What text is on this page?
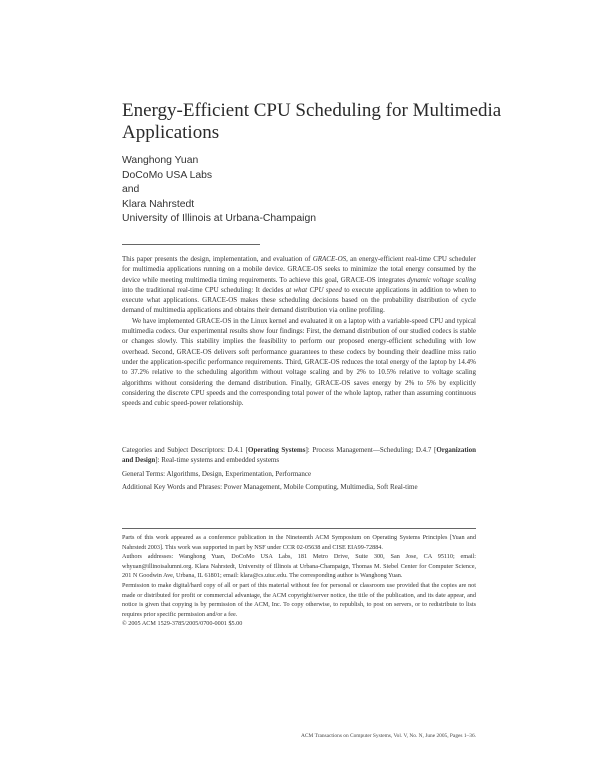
Energy-Efficient CPU Scheduling for Multimedia Applications
Wanghong Yuan
DoCoMo USA Labs
and
Klara Nahrstedt
University of Illinois at Urbana-Champaign

This paper presents the design, implementation, and evaluation of GRACE-OS, an energy-efficient real-time CPU scheduler for multimedia applications running on a mobile device. GRACE-OS seeks to minimize the total energy consumed by the device while meeting multimedia timing requirements. To achieve this goal, GRACE-OS integrates dynamic voltage scaling into the traditional real-time CPU scheduling: It decides at what CPU speed to execute applications in addition to when to execute what applications. GRACE-OS makes these scheduling decisions based on the probability distribution of cycle demand of multimedia applications and obtains their demand distribution via online profiling.

We have implemented GRACE-OS in the Linux kernel and evaluated it on a laptop with a variable-speed CPU and typical multimedia codecs. Our experimental results show four findings: First, the demand distribution of our studied codecs is stable or changes slowly. This stability implies the feasibility to perform our proposed energy-efficient scheduling with low overhead. Second, GRACE-OS delivers soft performance guarantees to these codecs by bounding their deadline miss ratio under the application-specific performance requirements. Third, GRACE-OS reduces the total energy of the laptop by 14.4% to 37.2% relative to the scheduling algorithm without voltage scaling and by 2% to 10.5% relative to voltage scaling algorithms without considering the demand distribution. Finally, GRACE-OS saves energy by 2% to 5% by explicitly considering the discrete CPU speeds and the corresponding total power of the whole laptop, rather than assuming continuous speeds and cubic speed-power relationship.

Categories and Subject Descriptors: D.4.1 [Operating Systems]: Process Management—Scheduling; D.4.7 [Organization and Design]: Real-time systems and embedded systems
General Terms: Algorithms, Design, Experimentation, Performance
Additional Key Words and Phrases: Power Management, Mobile Computing, Multimedia, Soft Real-time

Parts of this work appeared as a conference publication in the Nineteenth ACM Symposium on Operating Systems Principles [Yuan and Nahrstedt 2003]. This work was supported in part by NSF under CCR 02-05638 and CISE EIA99-72884.

Authors addresses: Wanghong Yuan, DoCoMo USA Labs, 181 Metro Drive, Suite 300, San Jose, CA 95110; email: whyuan@illinoisalumni.org. Klara Nahrstedt, University of Illinois at Urbana-Champaign, Thomas M. Siebel Center for Computer Science, 201 N Goodwin Ave, Urbana, IL 61801; email: klara@cs.uiuc.edu. The corresponding author is Wanghong Yuan.

Permission to make digital/hard copy of all or part of this material without fee for personal or classroom use provided that the copies are not made or distributed for profit or commercial advantage, the ACM copyright/server notice, the title of the publication, and its date appear, and notice is given that copying is by permission of the ACM, Inc. To copy otherwise, to republish, to post on servers, or to redistribute to lists requires prior specific permission and/or a fee.

© 2005 ACM 1529-3785/2005/0700-0001 $5.00

ACM Transactions on Computer Systems, Vol. V, No. N, June 2005, Pages 1–36.
